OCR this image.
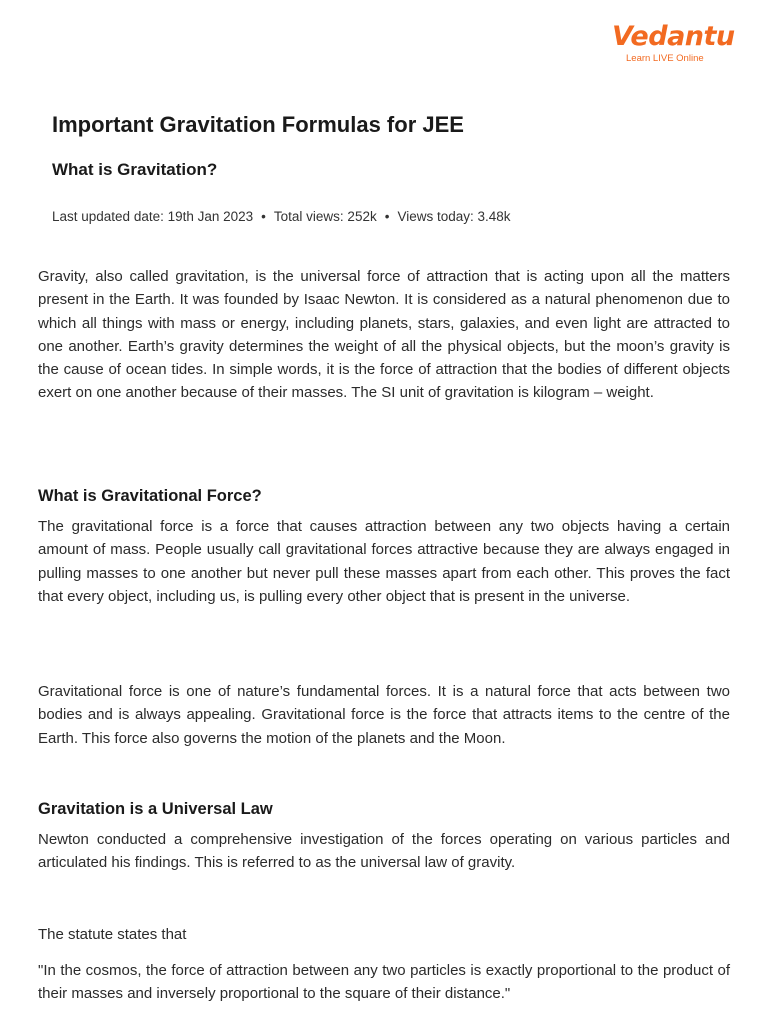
Vedantu
Learn LIVE Online
Important Gravitation Formulas for JEE
What is Gravitation?
Last updated date: 19th Jan 2023 • Total views: 252k • Views today: 3.48k

Gravity, also called gravitation, is the universal force of attraction that is acting upon all the matters present in the Earth. It was founded by Isaac Newton. It is considered as a natural phenomenon due to which all things with mass or energy, including planets, stars, galaxies, and even light are attracted to one another. Earth’s gravity determines the weight of all the physical objects, but the moon’s gravity is the cause of ocean tides. In simple words, it is the force of attraction that the bodies of different objects exert on one another because of their masses. The SI unit of gravitation is kilogram – weight.

What is Gravitational Force?

The gravitational force is a force that causes attraction between any two objects having a certain amount of mass. People usually call gravitational forces attractive because they are always engaged in pulling masses to one another but never pull these masses apart from each other. This proves the fact that every object, including us, is pulling every other object that is present in the universe.

Gravitational force is one of nature’s fundamental forces. It is a natural force that acts between two bodies and is always appealing. Gravitational force is the force that attracts items to the centre of the Earth. This force also governs the motion of the planets and the Moon.

Gravitation is a Universal Law

Newton conducted a comprehensive investigation of the forces operating on various particles and articulated his findings. This is referred to as the universal law of gravity.

The statute states that

"In the cosmos, the force of attraction between any two particles is exactly proportional to the product of their masses and inversely proportional to the square of their distance."
